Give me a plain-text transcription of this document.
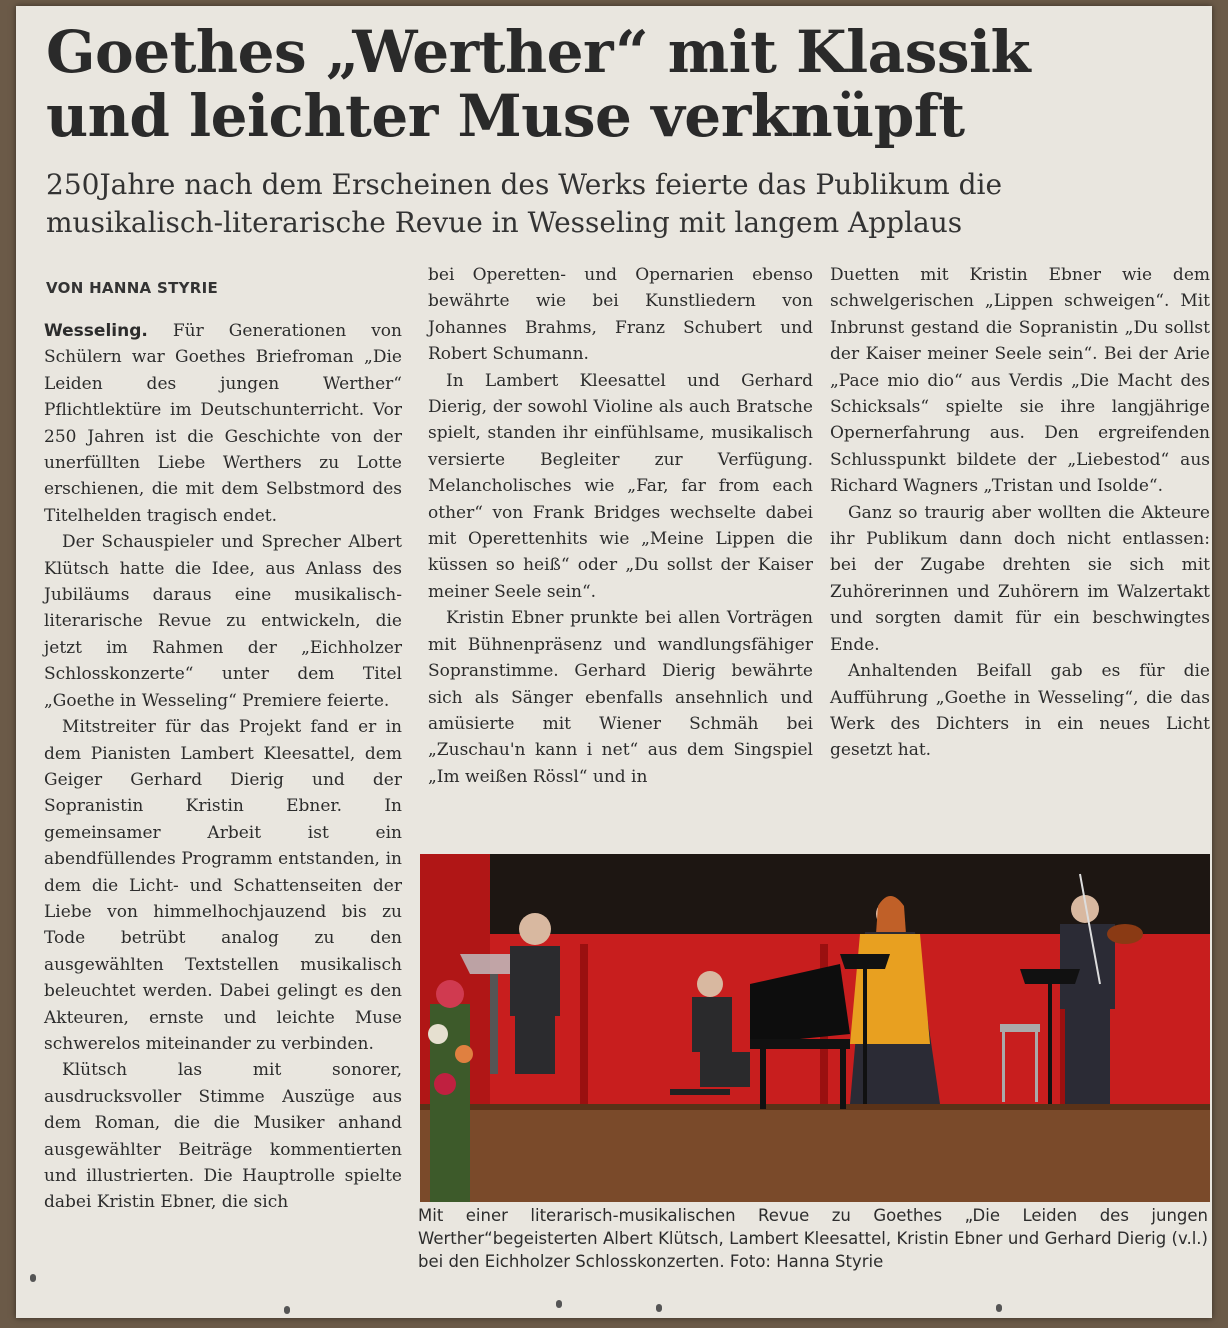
Goethes „Werther“ mit Klassik
und leichter Muse verknüpft
250Jahre nach dem Erscheinen des Werks feierte das Publikum die
musikalisch-literarische Revue in Wesseling mit langem Applaus
VON HANNA STYRIE

Wesseling. Für Generationen von Schülern war Goethes Briefroman „Die Leiden des jungen Werther“ Pflichtlektüre im Deutschunterricht. Vor 250 Jahren ist die Geschichte von der unerfüllten Liebe Werthers zu Lotte erschienen, die mit dem Selbstmord des Titelhelden tragisch endet.

Der Schauspieler und Sprecher Albert Klütsch hatte die Idee, aus Anlass des Jubiläums daraus eine musikalisch-literarische Revue zu entwickeln, die jetzt im Rahmen der „Eichholzer Schlosskonzerte“ unter dem Titel „Goethe in Wesseling“ Premiere feierte.

Mitstreiter für das Projekt fand er in dem Pianisten Lambert Kleesattel, dem Geiger Gerhard Dierig und der Sopranistin Kristin Ebner. In gemeinsamer Arbeit ist ein abendfüllendes Programm entstanden, in dem die Licht- und Schattenseiten der Liebe von himmelhochjauzend bis zu Tode betrübt analog zu den ausgewählten Textstellen musikalisch beleuchtet werden. Dabei gelingt es den Akteuren, ernste und leichte Muse schwerelos miteinander zu verbinden.

Klütsch las mit sonorer, ausdrucksvoller Stimme Auszüge aus dem Roman, die die Musiker anhand ausgewählter Beiträge kommentierten und illustrierten. Die Hauptrolle spielte dabei Kristin Ebner, die sich

bei Operetten- und Opernarien ebenso bewährte wie bei Kunstliedern von Johannes Brahms, Franz Schubert und Robert Schumann.

In Lambert Kleesattel und Gerhard Dierig, der sowohl Violine als auch Bratsche spielt, standen ihr einfühlsame, musikalisch versierte Begleiter zur Verfügung. Melancholisches wie „Far, far from each other“ von Frank Bridges wechselte dabei mit Operettenhits wie „Meine Lippen die küssen so heiß“ oder „Du sollst der Kaiser meiner Seele sein“.

Kristin Ebner prunkte bei allen Vorträgen mit Bühnenpräsenz und wandlungsfähiger Sopranstimme. Gerhard Dierig bewährte sich als Sänger ebenfalls ansehnlich und amüsierte mit Wiener Schmäh bei „Zuschau'n kann i net“ aus dem Singspiel „Im weißen Rössl“ und in

Duetten mit Kristin Ebner wie dem schwelgerischen „Lippen schweigen“. Mit Inbrunst gestand die Sopranistin „Du sollst der Kaiser meiner Seele sein“. Bei der Arie „Pace mio dio“ aus Verdis „Die Macht des Schicksals“ spielte sie ihre langjährige Opernerfahrung aus. Den ergreifenden Schlusspunkt bildete der „Liebestod“ aus Richard Wagners „Tristan und Isolde“.

Ganz so traurig aber wollten die Akteure ihr Publikum dann doch nicht entlassen: bei der Zugabe drehten sie sich mit Zuhörerinnen und Zuhörern im Walzertakt und sorgten damit für ein beschwingtes Ende.

Anhaltenden Beifall gab es für die Aufführung „Goethe in Wesseling“, die das Werk des Dichters in ein neues Licht gesetzt hat.

Mit einer literarisch-musikalischen Revue zu Goethes „Die Leiden des jungen Werther“begeisterten Albert Klütsch, Lambert Kleesattel, Kristin Ebner und Gerhard Dierig (v.l.) bei den Eichholzer Schlosskonzerten. Foto: Hanna Styrie
